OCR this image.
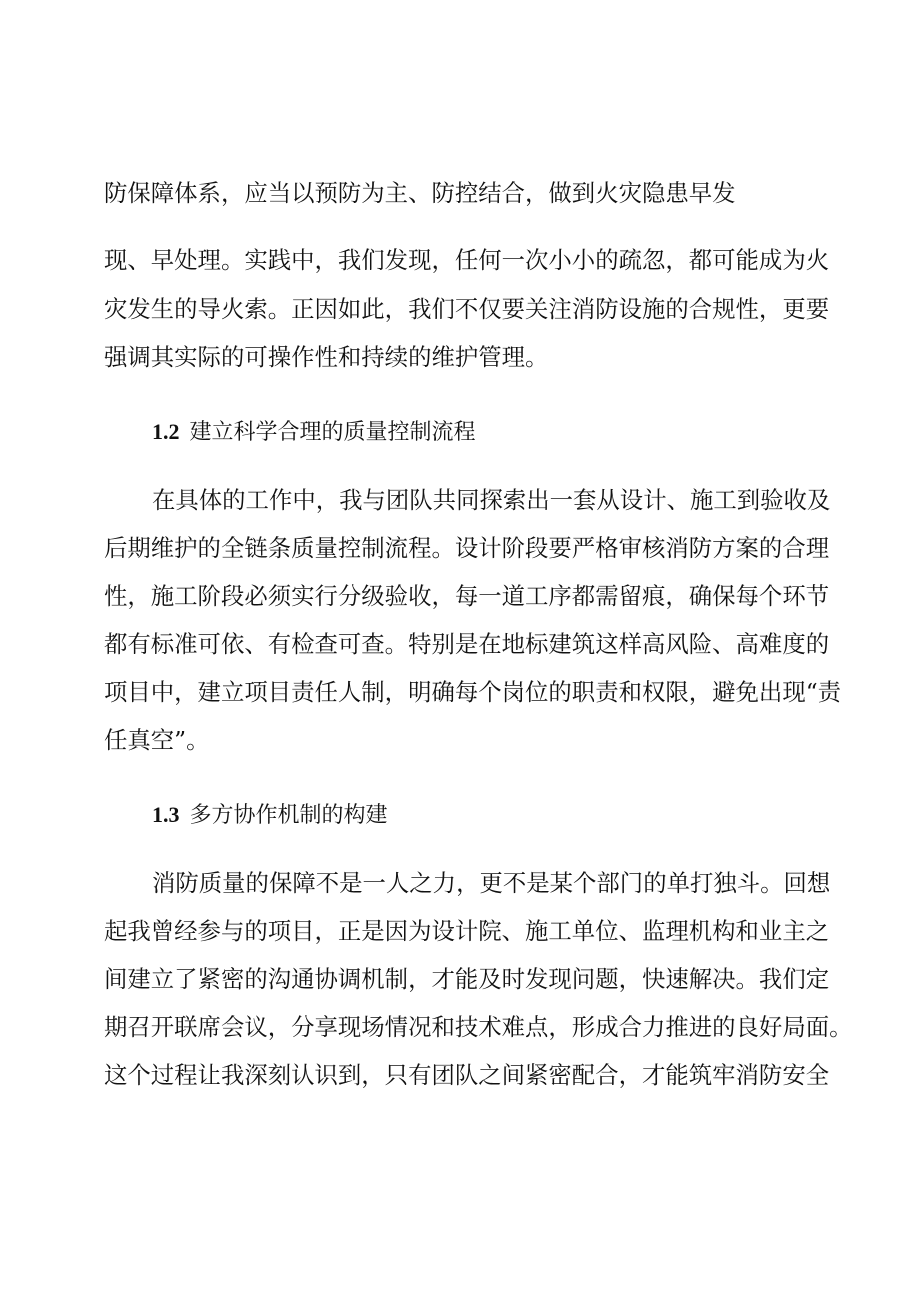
防保障体系，应当以预防为主、防控结合，做到火灾隐患早发
现、早处理。实践中，我们发现，任何一次小小的疏忽，都可能成为火
灾发生的导火索。正因如此，我们不仅要关注消防设施的合规性，更要
强调其实际的可操作性和持续的维护管理。
1.2 建立科学合理的质量控制流程
在具体的工作中，我与团队共同探索出一套从设计、施工到验收及
后期维护的全链条质量控制流程。设计阶段要严格审核消防方案的合理
性，施工阶段必须实行分级验收，每一道工序都需留痕，确保每个环节
都有标准可依、有检查可查。特别是在地标建筑这样高风险、高难度的
项目中，建立项目责任人制，明确每个岗位的职责和权限，避免出现“责
任真空”。
1.3 多方协作机制的构建
消防质量的保障不是一人之力，更不是某个部门的单打独斗。回想
起我曾经参与的项目，正是因为设计院、施工单位、监理机构和业主之
间建立了紧密的沟通协调机制，才能及时发现问题，快速解决。我们定
期召开联席会议，分享现场情况和技术难点，形成合力推进的良好局面。
这个过程让我深刻认识到，只有团队之间紧密配合，才能筑牢消防安全
